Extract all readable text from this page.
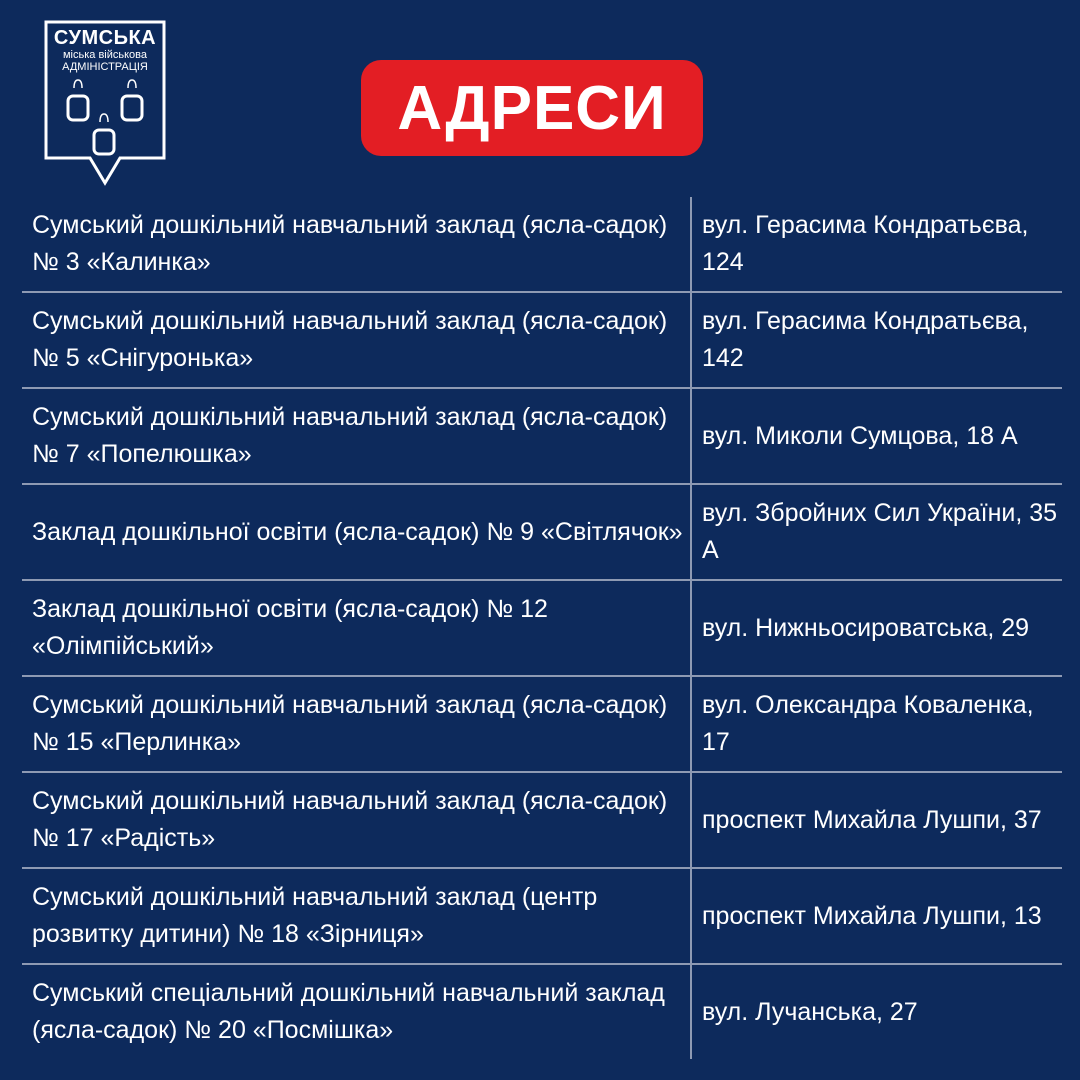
СУМСЬКА
міська військова
АДМІНІСТРАЦІЯ
АДРЕСИ
Сумський дошкільний навчальний заклад (ясла-садок) № 3 «Калинка»
вул. Герасима Кондратьєва, 124
Сумський дошкільний навчальний заклад (ясла-садок) № 5 «Снігуронька»
вул. Герасима Кондратьєва, 142
Сумський дошкільний навчальний заклад (ясла-садок) № 7 «Попелюшка»
вул. Миколи Сумцова, 18 А
Заклад дошкільної освіти (ясла-садок) № 9 «Світлячок»
вул. Збройних Сил України, 35 А
Заклад дошкільної освіти (ясла-садок) № 12 «Олімпійський»
вул. Нижньосироватська, 29
Сумський дошкільний навчальний заклад (ясла-садок) № 15 «Перлинка»
вул. Олександра Коваленка, 17
Сумський дошкільний навчальний заклад (ясла-садок) № 17 «Радість»
проспект Михайла Лушпи, 37
Сумський дошкільний навчальний заклад (центр розвитку дитини) № 18 «Зірниця»
проспект Михайла Лушпи, 13
Сумський спеціальний дошкільний навчальний заклад (ясла-садок) № 20 «Посмішка»
вул. Лучанська, 27
